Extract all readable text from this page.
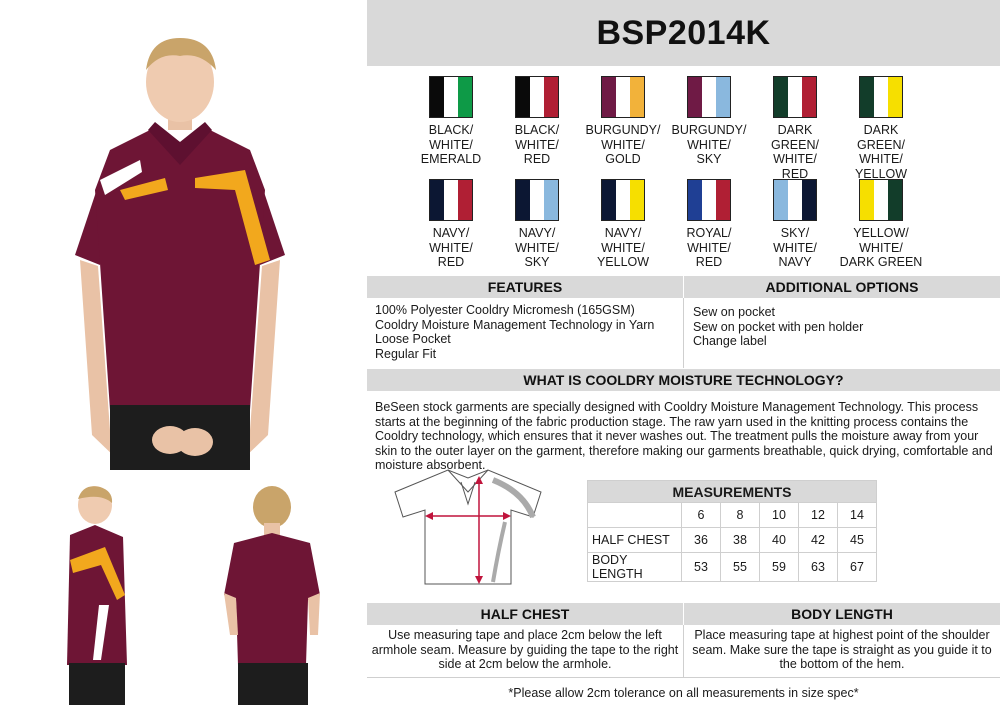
BSP2014K
BLACK/
WHITE/
EMERALD
BLACK/
WHITE/
RED
BURGUNDY/
WHITE/
GOLD
BURGUNDY/
WHITE/
SKY
DARK GREEN/
WHITE/
RED
DARK GREEN/
WHITE/
YELLOW
NAVY/
WHITE/
RED
NAVY/
WHITE/
SKY
NAVY/
WHITE/
YELLOW
ROYAL/
WHITE/
RED
SKY/
WHITE/
NAVY
YELLOW/
WHITE/
DARK GREEN
FEATURES	ADDITIONAL OPTIONS
100% Polyester Cooldry Micromesh (165GSM)
Cooldry Moisture Management Technology in Yarn
Loose Pocket
Regular Fit
Sew on pocket
Sew on pocket with pen holder
Change label
WHAT IS COOLDRY MOISTURE TECHNOLOGY?
BeSeen stock garments are specially designed with Cooldry Moisture Management Technology. This process starts at the beginning of the fabric production stage. The raw yarn used in the knitting process contains the Cooldry technology, which ensures that it never washes out. The treatment pulls the moisture away from your skin to the outer layer on the garment, therefore making our garments breathable, quick drying, comfortable and moisture absorbent.
MEASUREMENTS					
	6	8	10	12	14
HALF CHEST	36	38	40	42	45
BODY LENGTH	53	55	59	63	67
HALF CHEST	BODY LENGTH
Use measuring tape and place 2cm below the left armhole seam. Measure by guiding the tape to the right side at 2cm below the armhole.
Place measuring tape at highest point of the shoulder seam. Make sure the tape is straight as you guide it to the bottom of the hem.
*Please allow 2cm tolerance on all measurements in size spec*
